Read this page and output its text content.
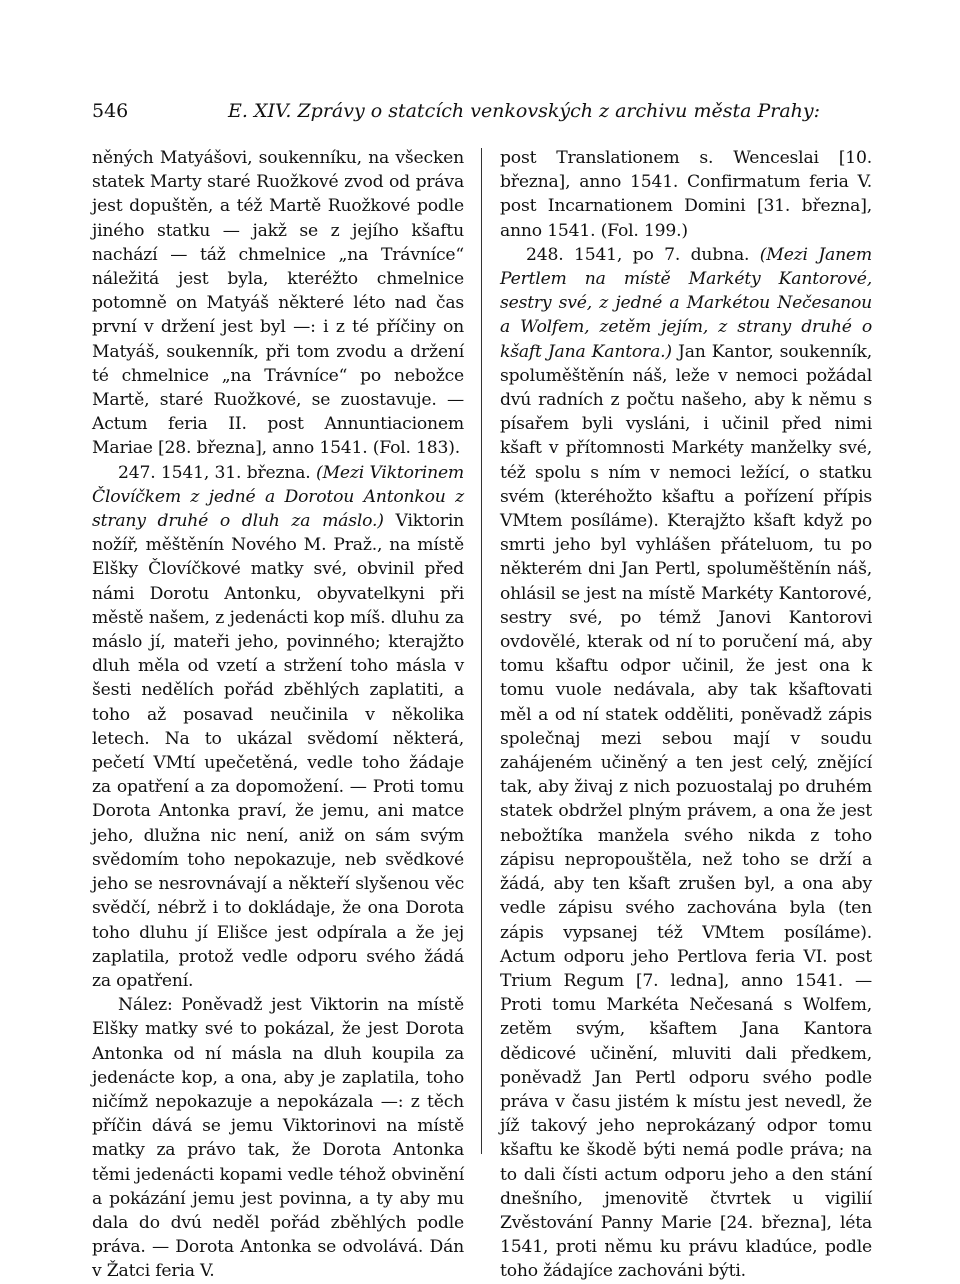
546	E. XIV. Zprávy o statcích venkovských z archivu města Prahy:

něných Matyášovi, soukenníku, na všecken statek Marty staré Ruožkové zvod od práva jest dopuštěn, a též Martě Ruožkové podle jiného statku — jakž se z jejího kšaftu nachází — táž chmelnice „na Trávníce“ náležitá jest byla, kteréžto chmelnice potomně on Matyáš některé léto nad čas první v držení jest byl —: i z té příčiny on Matyáš, soukenník, při tom zvodu a držení té chmelnice „na Trávníce“ po nebožce Martě, staré Ruožkové, se zuostavuje. — Actum feria II. post Annuntiacionem Mariae [28. března], anno 1541. (Fol. 183).

247. 1541, 31. března. (Mezi Viktorinem Človíčkem z jedné a Dorotou Antonkou z strany druhé o dluh za máslo.) Viktorin nožíř, měštěnín Nového M. Praž., na místě Elšky Človíčkové matky své, obvinil před námi Dorotu Antonku, obyvatelkyni při městě našem, z jedenácti kop míš. dluhu za máslo jí, mateři jeho, povinného; kterajžto dluh měla od vzetí a stržení toho másla v šesti nedělích pořád zběhlých zaplatiti, a toho až posavad neučinila v několika letech. Na to ukázal svědomí některá, pečetí VMtí upečetěná, vedle toho žádaje za opatření a za dopomožení. — Proti tomu Dorota Antonka praví, že jemu, ani matce jeho, dlužna nic není, aniž on sám svým svědomím toho nepokazuje, neb svědkové jeho se nesrovnávají a někteří slyšenou věc svědčí, nébrž i to dokládaje, že ona Dorota toho dluhu jí Elišce jest odpírala a že jej zaplatila, protož vedle odporu svého žádá za opatření.

Nález: Poněvadž jest Viktorin na místě Elšky matky své to pokázal, že jest Dorota Antonka od ní másla na dluh koupila za jedenácte kop, a ona, aby je zaplatila, toho ničímž nepokazuje a nepokázala —: z těch příčin dává se jemu Viktorinovi na místě matky za právo tak, že Dorota Antonka těmi jedenácti kopami vedle téhož obvinění a pokázání jemu jest povinna, a ty aby mu dala do dvú neděl pořád zběhlých podle práva. — Dorota Antonka se odvolává. Dán v Žatci feria V.

post Translationem s. Wenceslai [10. března], anno 1541. Confirmatum feria V. post Incarnationem Domini [31. března], anno 1541. (Fol. 199.)

248. 1541, po 7. dubna. (Mezi Janem Pertlem na místě Markéty Kantorové, sestry své, z jedné a Markétou Nečesanou a Wolfem, zetěm jejím, z strany druhé o kšaft Jana Kantora.) Jan Kantor, soukenník, spoluměštěnín náš, leže v nemoci požádal dvú radních z počtu našeho, aby k němu s písařem byli vysláni, i učinil před nimi kšaft v přítomnosti Markéty manželky své, též spolu s ním v nemoci ležící, o statku svém (kteréhožto kšaftu a pořízení přípis VMtem posíláme). Kterajžto kšaft když po smrti jeho byl vyhlášen přáteluom, tu po některém dni Jan Pertl, spoluměštěnín náš, ohlásil se jest na místě Markéty Kantorové, sestry své, po témž Janovi Kantorovi ovdovělé, kterak od ní to poručení má, aby tomu kšaftu odpor učinil, že jest ona k tomu vuole nedávala, aby tak kšaftovati měl a od ní statek odděliti, poněvadž zápis společnaj mezi sebou mají v soudu zahájeném učiněný a ten jest celý, znějící tak, aby živaj z nich pozuostalaj po druhém statek obdržel plným právem, a ona že jest nebožtíka manžela svého nikda z toho zápisu nepropouštěla, než toho se drží a žádá, aby ten kšaft zrušen byl, a ona aby vedle zápisu svého zachována byla (ten zápis vypsanej též VMtem posíláme). Actum odporu jeho Pertlova feria VI. post Trium Regum [7. ledna], anno 1541. — Proti tomu Markéta Nečesaná s Wolfem, zetěm svým, kšaftem Jana Kantora dědicové učinění, mluviti dali předkem, poněvadž Jan Pertl odporu svého podle práva v času jistém k místu jest nevedl, že jíž takový jeho neprokázaný odpor tomu kšaftu ke škodě býti nemá podle práva; na to dali čísti actum odporu jeho a den stání dnešního, jmenovitě čtvrtek u vigilií Zvěstování Panny Marie [24. března], léta 1541, proti němu ku právu kladúce, podle toho žádajíce zachováni býti.
